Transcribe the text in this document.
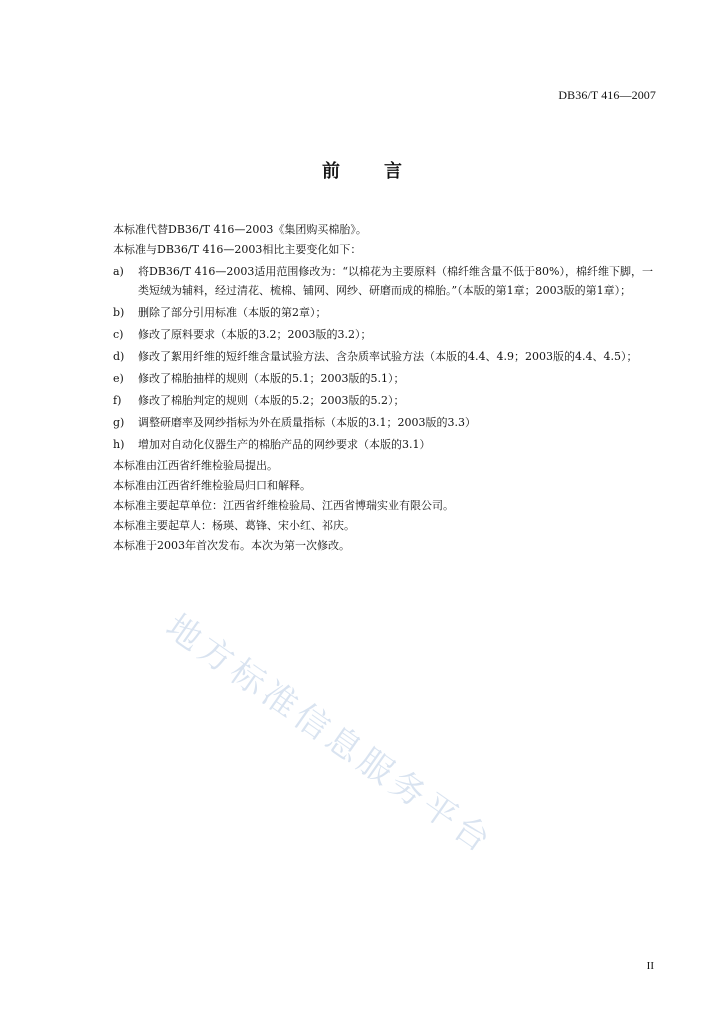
DB36/T 416—2007
前 言
本标准代替DB36/T 416—2003《集团购买棉胎》。
本标准与DB36/T 416—2003相比主要变化如下：
a) 将DB36/T 416—2003适用范围修改为：“以棉花为主要原料（棉纤维含量不低于80%），棉纤维下脚，一类短绒为辅料，经过清花、梳棉、铺网、网纱、研磨而成的棉胎。”（本版的第1章；2003版的第1章）；
b) 删除了部分引用标准（本版的第2章）；
c) 修改了原料要求（本版的3.2；2003版的3.2）；
d) 修改了絮用纤维的短纤维含量试验方法、含杂质率试验方法（本版的4.4、4.9；2003版的4.4、4.5）；
e) 修改了棉胎抽样的规则（本版的5.1；2003版的5.1）；
f) 修改了棉胎判定的规则（本版的5.2；2003版的5.2）；
g) 调整研磨率及网纱指标为外在质量指标（本版的3.1；2003版的3.3）
h) 增加对自动化仪器生产的棉胎产品的网纱要求（本版的3.1）
本标准由江西省纤维检验局提出。
本标准由江西省纤维检验局归口和解释。
本标准主要起草单位：江西省纤维检验局、江西省博瑞实业有限公司。
本标准主要起草人：杨瑛、葛锋、宋小红、祁庆。
本标准于2003年首次发布。本次为第一次修改。
地方标准信息服务平台
II
